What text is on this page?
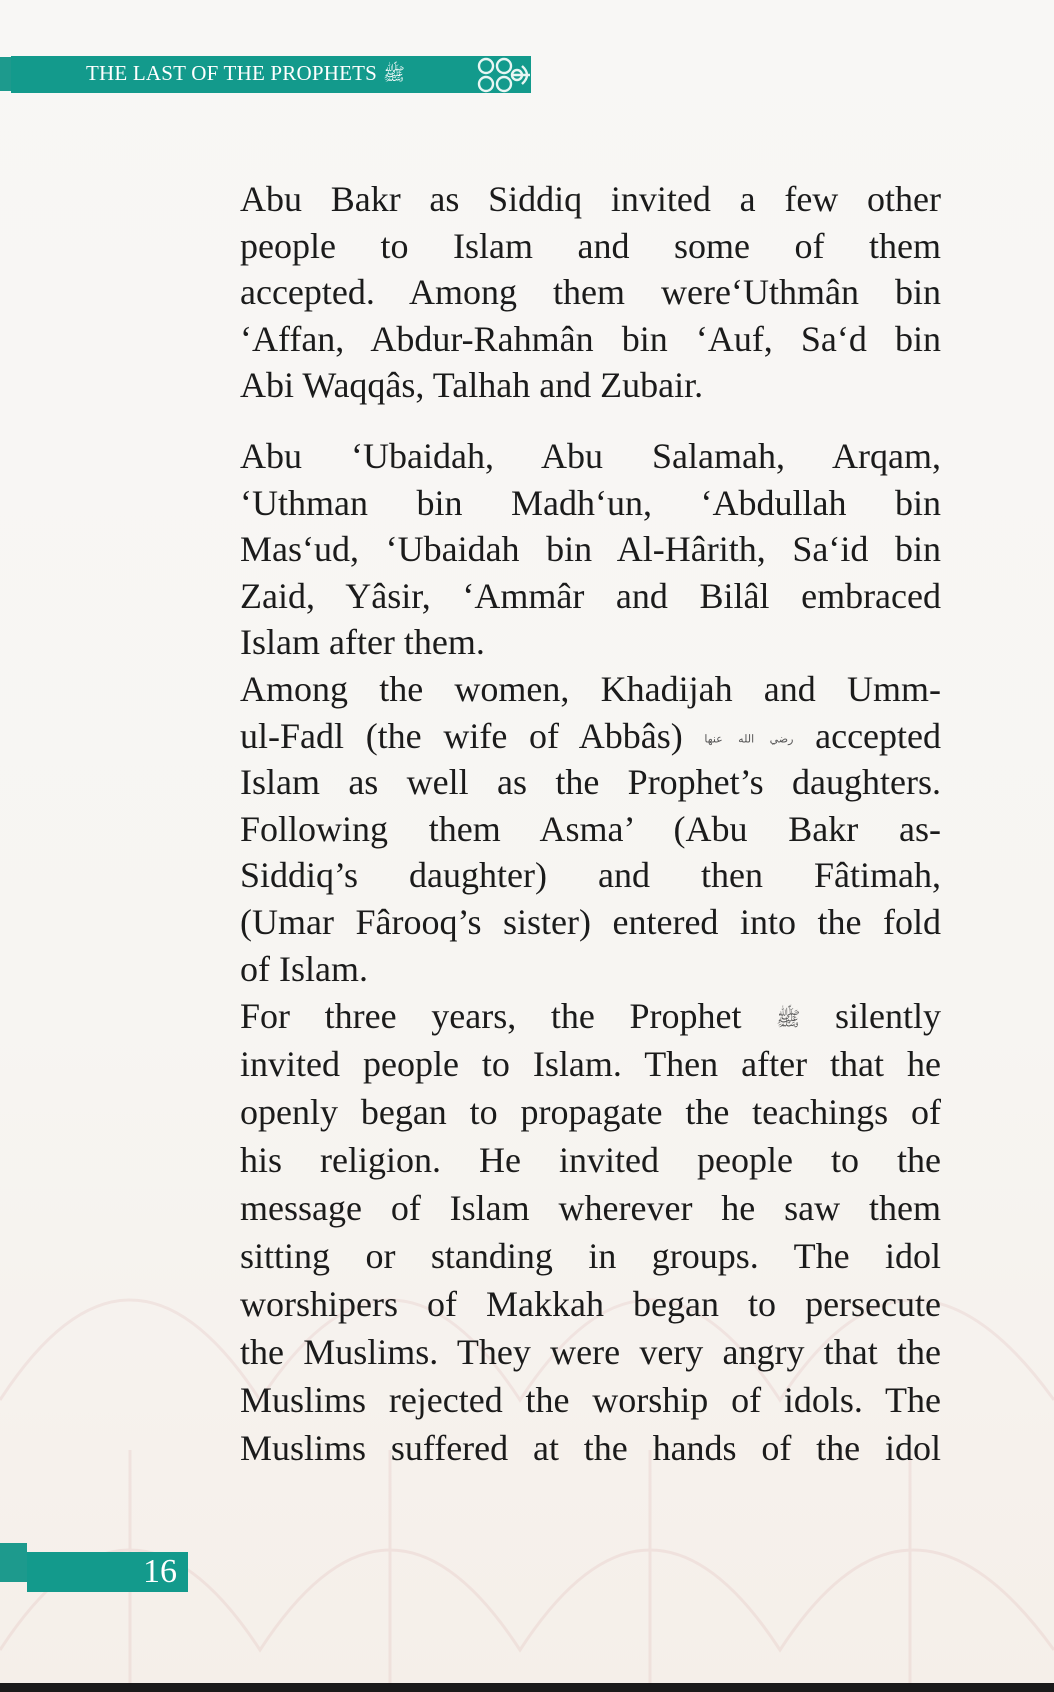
THE LAST OF THE PROPHETS ﷺ
Abu Bakr as Siddiq invited a few other
people to Islam and some of them
accepted. Among them were‘Uthmân bin
‘Affan, Abdur-Rahmân bin ‘Auf, Sa‘d bin
Abi Waqqâs, Talhah and Zubair.
Abu ‘Ubaidah, Abu Salamah, Arqam,
‘Uthman bin Madh‘un, ‘Abdullah bin
Mas‘ud, ‘Ubaidah bin Al-Hârith, Sa‘id bin
Zaid, Yâsir, ‘Ammâr and Bilâl embraced
Islam after them.
Among the women, Khadijah and Umm-
ul-Fadl (the wife of Abbâs) رضي الله عنها accepted
Islam as well as the Prophet’s daughters.
Following them Asma’ (Abu Bakr as-
Siddiq’s daughter) and then Fâtimah,
(Umar Fârooq’s sister) entered into the fold
of Islam.
For three years, the Prophet ﷺ silently
invited people to Islam. Then after that he
openly began to propagate the teachings of
his religion. He invited people to the
message of Islam wherever he saw them
sitting or standing in groups. The idol
worshipers of Makkah began to persecute
the Muslims. They were very angry that the
Muslims rejected the worship of idols. The
Muslims suffered at the hands of the idol
16
